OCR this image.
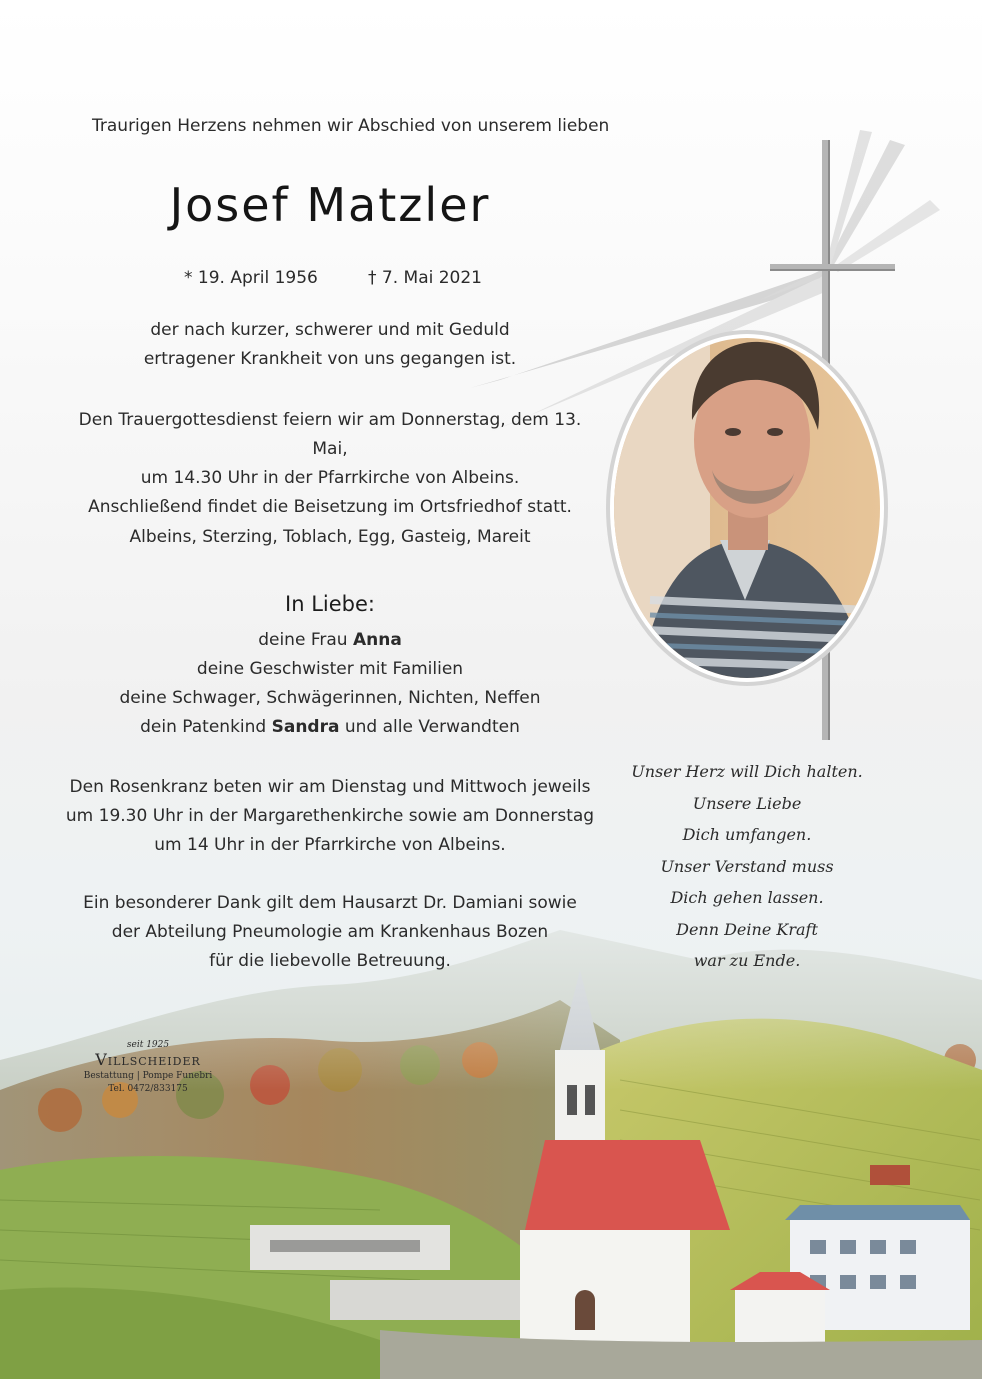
Traurigen Herzens nehmen wir Abschied von unserem lieben
Josef Matzler
* 19. April 1956	† 7. Mai 2021
der nach kurzer, schwerer und mit Geduld
ertragener Krankheit von uns gegangen ist.
Den Trauergottesdienst feiern wir am Donnerstag, dem 13. Mai,
um 14.30 Uhr in der Pfarrkirche von Albeins.
Anschließend findet die Beisetzung im Ortsfriedhof statt.
Albeins, Sterzing, Toblach, Egg, Gasteig, Mareit
In Liebe:
deine Frau Anna
deine Geschwister mit Familien
deine Schwager, Schwägerinnen, Nichten, Neffen
dein Patenkind Sandra und alle Verwandten
Den Rosenkranz beten wir am Dienstag und Mittwoch jeweils
um 19.30 Uhr in der Margarethenkirche sowie am Donnerstag
um 14 Uhr in der Pfarrkirche von Albeins.
Ein besonderer Dank gilt dem Hausarzt Dr. Damiani sowie
der Abteilung Pneumologie am Krankenhaus Bozen
für die liebevolle Betreuung.
Unser Herz will Dich halten.
Unsere Liebe
Dich umfangen.
Unser Verstand muss
Dich gehen lassen.
Denn Deine Kraft
war zu Ende.
seit 1925
Villscheider
Bestattung | Pompe Funebri
Tel. 0472/833175
